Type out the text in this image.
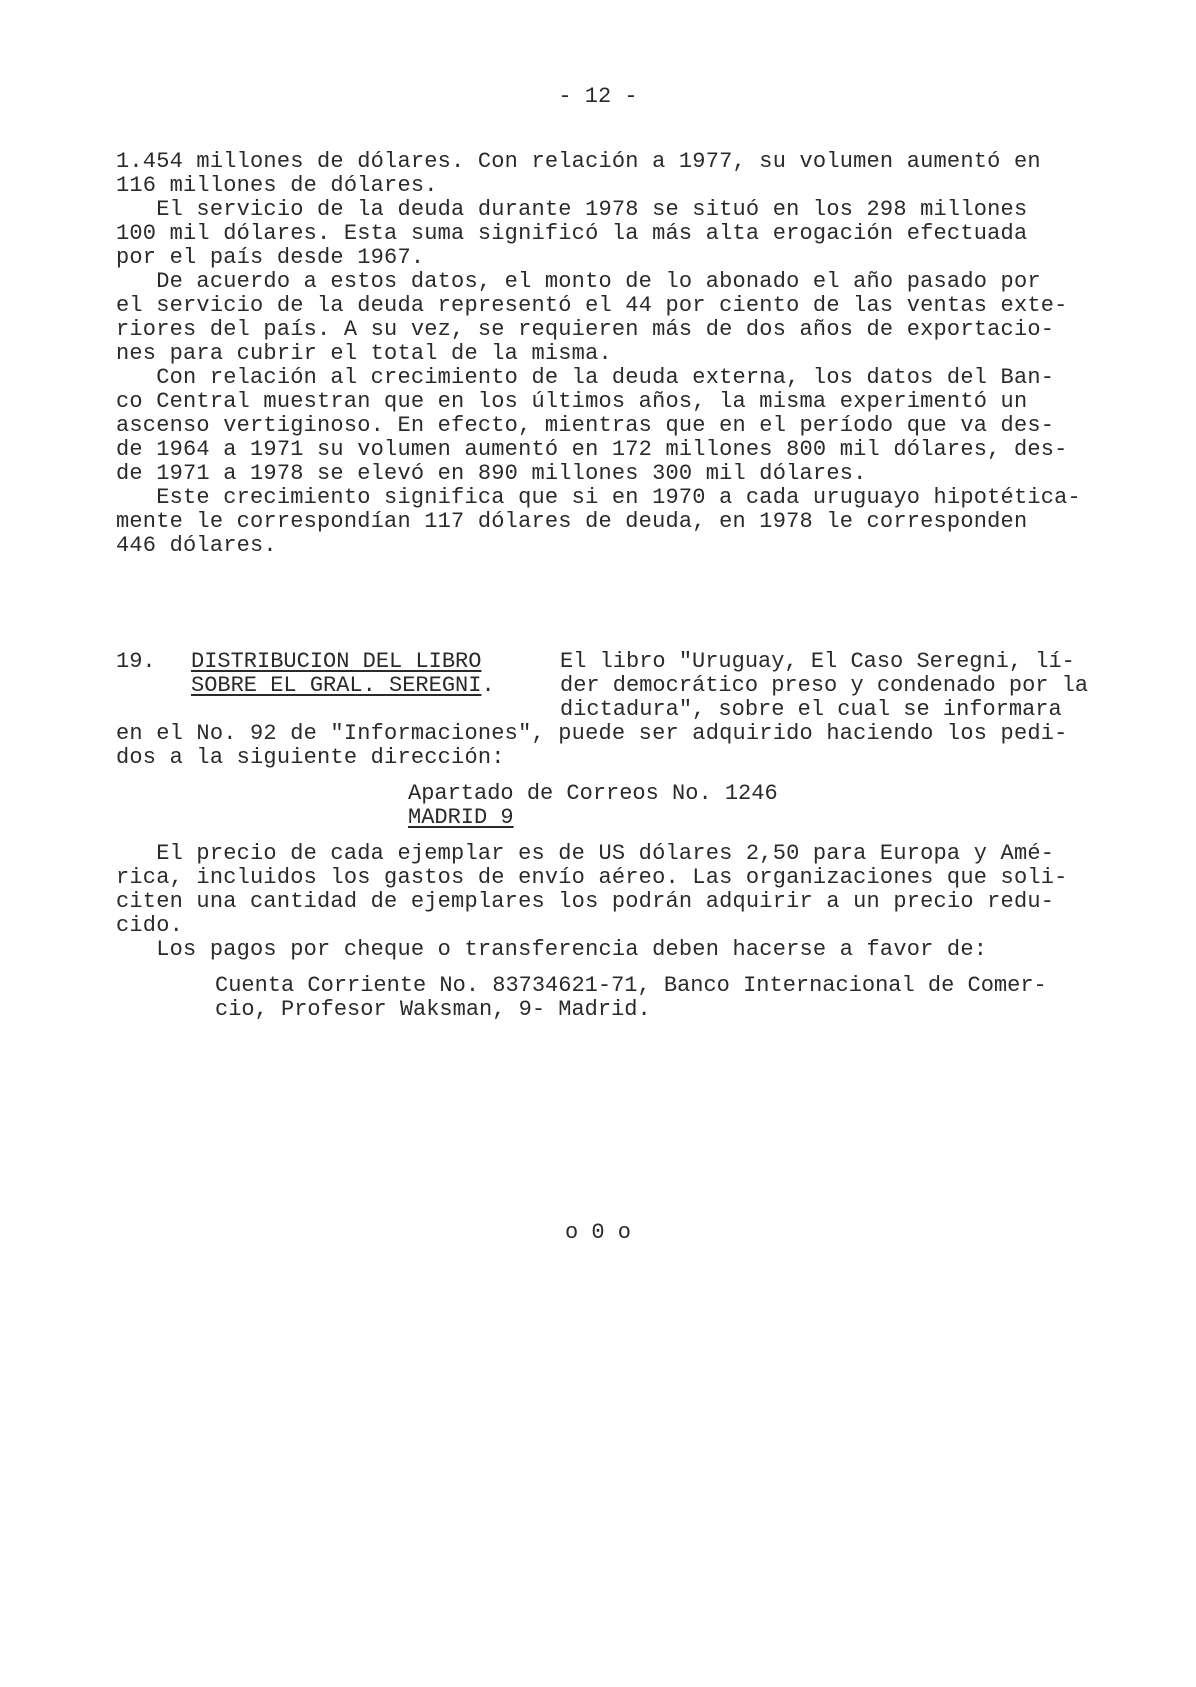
- 12 -
1.454 millones de dólares. Con relación a 1977, su volumen aumentó en
116 millones de dólares.
El servicio de la deuda durante 1978 se situó en los 298 millones
100 mil dólares. Esta suma significó la más alta erogación efectuada
por el país desde 1967.
De acuerdo a estos datos, el monto de lo abonado el año pasado por
el servicio de la deuda representó el 44 por ciento de las ventas exte-
riores del país. A su vez, se requieren más de dos años de exportacio-
nes para cubrir el total de la misma.
Con relación al crecimiento de la deuda externa, los datos del Ban-
co Central muestran que en los últimos años, la misma experimentó un
ascenso vertiginoso. En efecto, mientras que en el período que va des-
de 1964 a 1971 su volumen aumentó en 172 millones 800 mil dólares, des-
de 1971 a 1978 se elevó en 890 millones 300 mil dólares.
Este crecimiento significa que si en 1970 a cada uruguayo hipotética-
mente le correspondían 117 dólares de deuda, en 1978 le corresponden
446 dólares.
19. DISTRIBUCION DEL LIBRO
SOBRE EL GRAL. SEREGNI.
El libro "Uruguay, El Caso Seregni, lí-
der democrático preso y condenado por la
dictadura", sobre el cual se informara
en el No. 92 de "Informaciones", puede ser adquirido haciendo los pedi-
dos a la siguiente dirección:
Apartado de Correos No. 1246
MADRID 9
El precio de cada ejemplar es de US dólares 2,50 para Europa y Amé-
rica, incluidos los gastos de envío aéreo. Las organizaciones que soli-
citen una cantidad de ejemplares los podrán adquirir a un precio redu-
cido.
Los pagos por cheque o transferencia deben hacerse a favor de:
Cuenta Corriente No. 83734621-71, Banco Internacional de Comer-
cio, Profesor Waksman, 9- Madrid.
o 0 o
